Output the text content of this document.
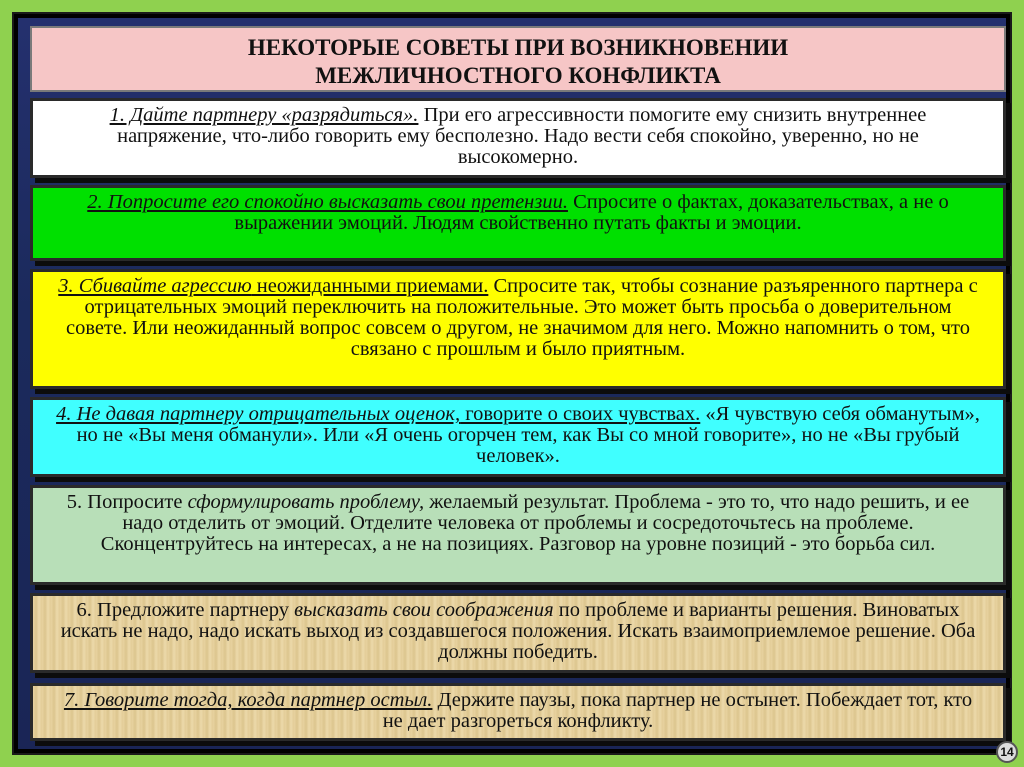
НЕКОТОРЫЕ СОВЕТЫ ПРИ ВОЗНИКНОВЕНИИ
МЕЖЛИЧНОСТНОГО КОНФЛИКТА
1. Дайте партнеру «разрядиться». При его агрессивности помогите ему снизить внутреннее напряжение, что-либо говорить ему бесполезно. Надо вести себя спокойно, уверенно, но не высокомерно.
2. Попросите его спокойно высказать свои претензии. Спросите о фактах, доказательствах, а не о выражении эмоций. Людям свойственно путать факты и эмоции.
3. Сбивайте агрессию неожиданными приемами. Спросите так, чтобы сознание разъяренного партнера с отрицательных эмоций переключить на положительные. Это может быть просьба о доверительном совете. Или неожиданный вопрос совсем о другом, не значимом для него. Можно напомнить о том, что связано с прошлым и было приятным.
4. Не давая партнеру отрицательных оценок, говорите о своих чувствах. «Я чувствую себя обманутым», но не «Вы меня обманули». Или «Я очень огорчен тем, как Вы со мной говорите», но не «Вы грубый человек».
5. Попросите сформулировать проблему, желаемый результат. Проблема - это то, что надо решить, и ее надо отделить от эмоций. Отделите человека от проблемы и сосредоточьтесь на проблеме. Сконцентруйтесь на интересах, а не на позициях. Разговор на уровне позиций - это борьба сил.
6. Предложите партнеру высказать свои соображения по проблеме и варианты решения. Виноватых искать не надо, надо искать выход из создавшегося положения. Искать взаимоприемлемое решение. Оба должны победить.
7. Говорите тогда, когда партнер остыл. Держите паузы, пока партнер не остынет. Побеждает тот, кто не дает разгореться конфликту.
14
